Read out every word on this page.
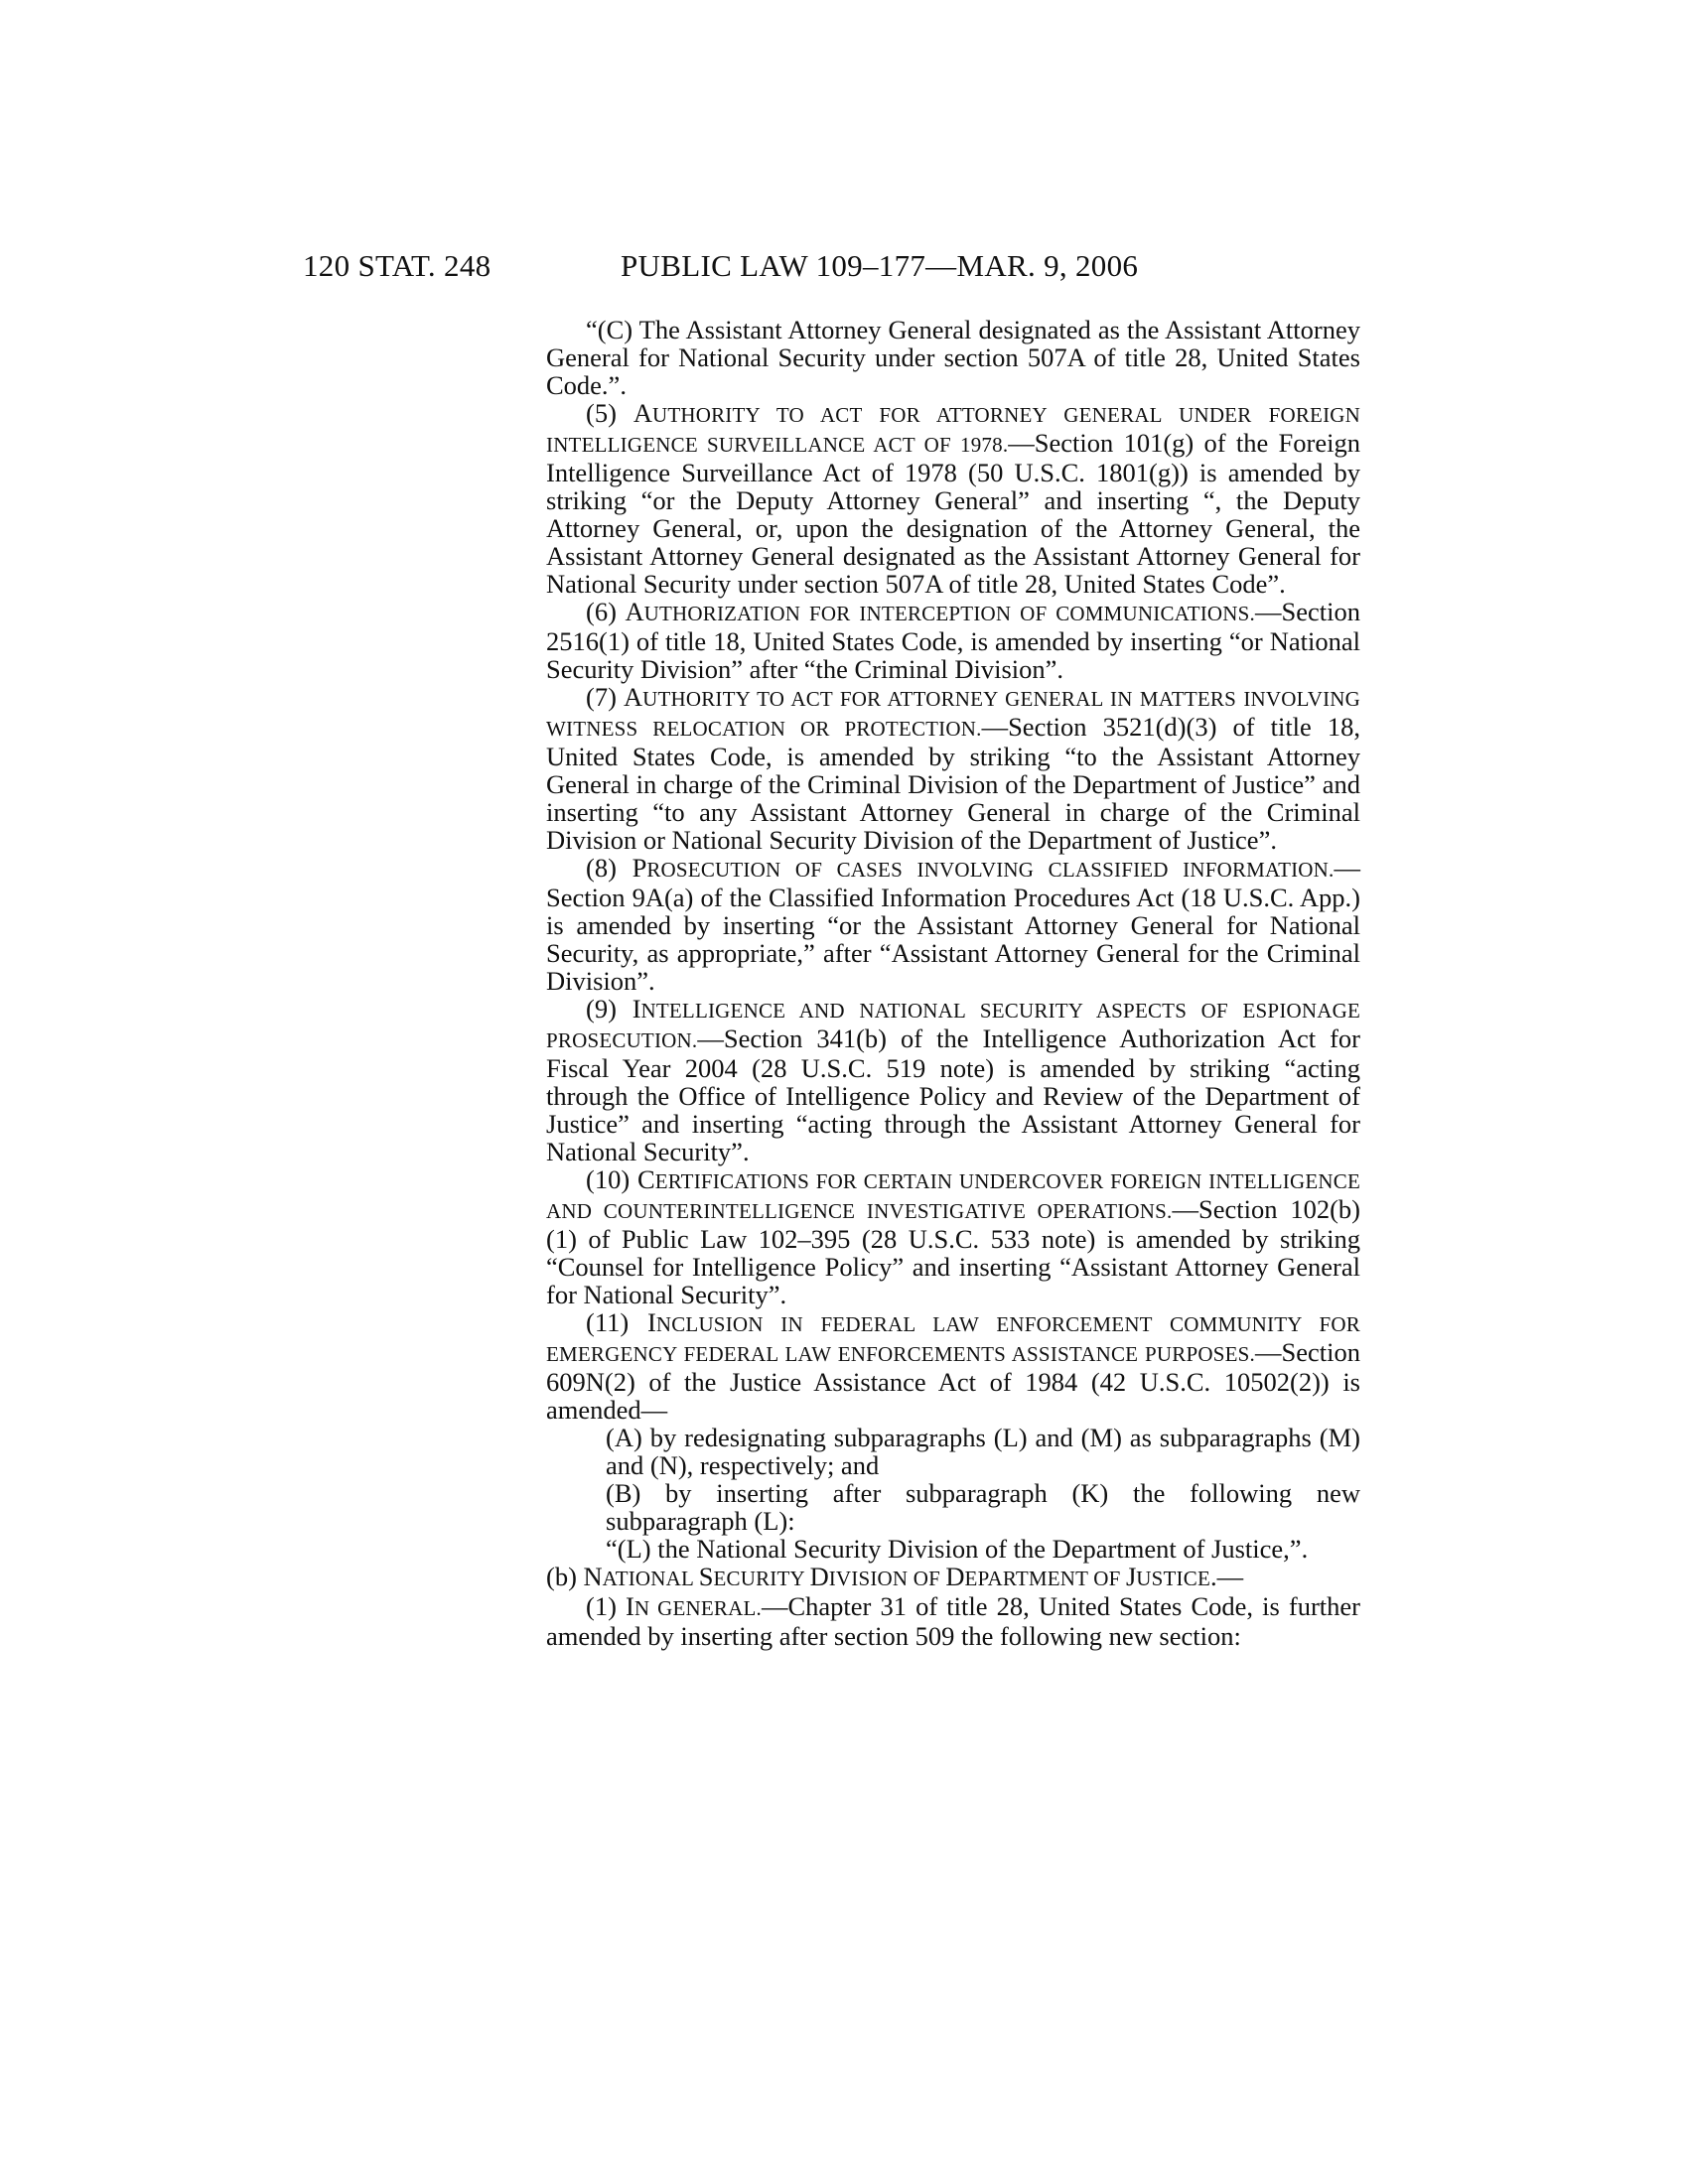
120 STAT. 248	PUBLIC LAW 109–177—MAR. 9, 2006

“(C) The Assistant Attorney General designated as the Assistant Attorney General for National Security under section 507A of title 28, United States Code.”.

(5) AUTHORITY TO ACT FOR ATTORNEY GENERAL UNDER FOREIGN INTELLIGENCE SURVEILLANCE ACT OF 1978.—Section 101(g) of the Foreign Intelligence Surveillance Act of 1978 (50 U.S.C. 1801(g)) is amended by striking “or the Deputy Attorney General” and inserting “, the Deputy Attorney General, or, upon the designation of the Attorney General, the Assistant Attorney General designated as the Assistant Attorney General for National Security under section 507A of title 28, United States Code”.

(6) AUTHORIZATION FOR INTERCEPTION OF COMMUNICATIONS.—Section 2516(1) of title 18, United States Code, is amended by inserting “or National Security Division” after “the Criminal Division”.

(7) AUTHORITY TO ACT FOR ATTORNEY GENERAL IN MATTERS INVOLVING WITNESS RELOCATION OR PROTECTION.—Section 3521(d)(3) of title 18, United States Code, is amended by striking “to the Assistant Attorney General in charge of the Criminal Division of the Department of Justice” and inserting “to any Assistant Attorney General in charge of the Criminal Division or National Security Division of the Department of Justice”.

(8) PROSECUTION OF CASES INVOLVING CLASSIFIED INFORMATION.—Section 9A(a) of the Classified Information Procedures Act (18 U.S.C. App.) is amended by inserting “or the Assistant Attorney General for National Security, as appropriate,” after “Assistant Attorney General for the Criminal Division”.

(9) INTELLIGENCE AND NATIONAL SECURITY ASPECTS OF ESPIONAGE PROSECUTION.—Section 341(b) of the Intelligence Authorization Act for Fiscal Year 2004 (28 U.S.C. 519 note) is amended by striking “acting through the Office of Intelligence Policy and Review of the Department of Justice” and inserting “acting through the Assistant Attorney General for National Security”.

(10) CERTIFICATIONS FOR CERTAIN UNDERCOVER FOREIGN INTELLIGENCE AND COUNTERINTELLIGENCE INVESTIGATIVE OPERATIONS.—Section 102(b)(1) of Public Law 102–395 (28 U.S.C. 533 note) is amended by striking “Counsel for Intelligence Policy” and inserting “Assistant Attorney General for National Security”.

(11) INCLUSION IN FEDERAL LAW ENFORCEMENT COMMUNITY FOR EMERGENCY FEDERAL LAW ENFORCEMENTS ASSISTANCE PURPOSES.—Section 609N(2) of the Justice Assistance Act of 1984 (42 U.S.C. 10502(2)) is amended—

(A) by redesignating subparagraphs (L) and (M) as subparagraphs (M) and (N), respectively; and

(B) by inserting after subparagraph (K) the following new subparagraph (L):

“(L) the National Security Division of the Department of Justice,”.

(b) NATIONAL SECURITY DIVISION OF DEPARTMENT OF JUSTICE.—

(1) IN GENERAL.—Chapter 31 of title 28, United States Code, is further amended by inserting after section 509 the following new section:
